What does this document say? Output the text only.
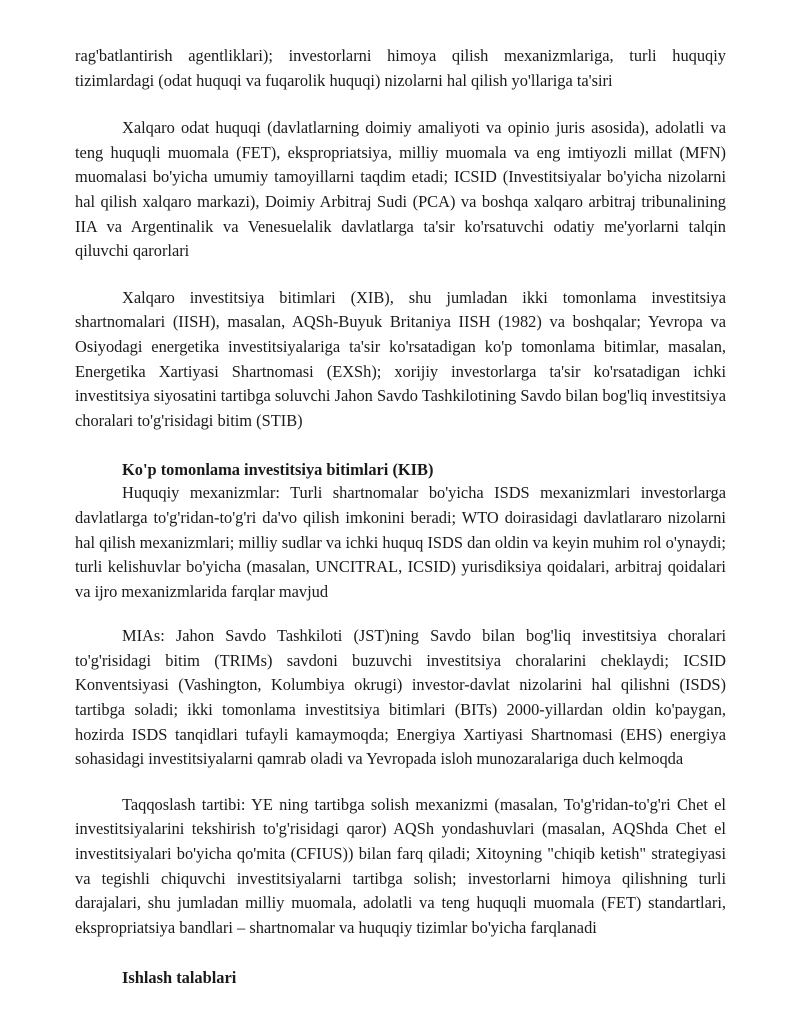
rag'batlantirish agentliklari); investorlarni himoya qilish mexanizmlariga, turli huquqiy tizimlardagi (odat huquqi va fuqarolik huquqi) nizolarni hal qilish yo'llariga ta'siri

Xalqaro odat huquqi (davlatlarning doimiy amaliyoti va opinio juris asosida), adolatli va teng huquqli muomala (FET), ekspropriatsiya, milliy muomala va eng imtiyozli millat (MFN) muomalasi bo'yicha umumiy tamoyillarni taqdim etadi; ICSID (Investitsiyalar bo'yicha nizolarni hal qilish xalqaro markazi), Doimiy Arbitraj Sudi (PCA) va boshqa xalqaro arbitraj tribunalining IIA va Argentinalik va Venesuelalik davlatlarga ta'sir ko'rsatuvchi odatiy me'yorlarni talqin qiluvchi qarorlari

Xalqaro investitsiya bitimlari (XIB), shu jumladan ikki tomonlama investitsiya shartnomalari (IISH), masalan, AQSh-Buyuk Britaniya IISH (1982) va boshqalar; Yevropa va Osiyodagi energetika investitsiyalariga ta'sir ko'rsatadigan ko'p tomonlama bitimlar, masalan, Energetika Xartiyasi Shartnomasi (EXSh); xorijiy investorlarga ta'sir ko'rsatadigan ichki investitsiya siyosatini tartibga soluvchi Jahon Savdo Tashkilotining Savdo bilan bog'liq investitsiya choralari to'g'risidagi bitim (STIB)

Ko'p tomonlama investitsiya bitimlari (KIB)

Huquqiy mexanizmlar: Turli shartnomalar bo'yicha ISDS mexanizmlari investorlarga davlatlarga to'g'ridan-to'g'ri da'vo qilish imkonini beradi; WTO doirasidagi davlatlararo nizolarni hal qilish mexanizmlari; milliy sudlar va ichki huquq ISDS dan oldin va keyin muhim rol o'ynaydi; turli kelishuvlar bo'yicha (masalan, UNCITRAL, ICSID) yurisdiksiya qoidalari, arbitraj qoidalari va ijro mexanizmlarida farqlar mavjud

MIAs: Jahon Savdo Tashkiloti (JST)ning Savdo bilan bog'liq investitsiya choralari to'g'risidagi bitim (TRIMs) savdoni buzuvchi investitsiya choralarini cheklaydi; ICSID Konventsiyasi (Vashington, Kolumbiya okrugi) investor-davlat nizolarini hal qilishni (ISDS) tartibga soladi; ikki tomonlama investitsiya bitimlari (BITs) 2000-yillardan oldin ko'paygan, hozirda ISDS tanqidlari tufayli kamaymoqda; Energiya Xartiyasi Shartnomasi (EHS) energiya sohasidagi investitsiyalarni qamrab oladi va Yevropada isloh munozaralariga duch kelmoqda

Taqqoslash tartibi: YE ning tartibga solish mexanizmi (masalan, To'g'ridan-to'g'ri Chet el investitsiyalarini tekshirish to'g'risidagi qaror) AQSh yondashuvlari (masalan, AQShda Chet el investitsiyalari bo'yicha qo'mita (CFIUS)) bilan farq qiladi; Xitoyning "chiqib ketish" strategiyasi va tegishli chiquvchi investitsiyalarni tartibga solish; investorlarni himoya qilishning turli darajalari, shu jumladan milliy muomala, adolatli va teng huquqli muomala (FET) standartlari, ekspropriatsiya bandlari – shartnomalar va huquqiy tizimlar bo'yicha farqlanadi

Ishlash talablari
